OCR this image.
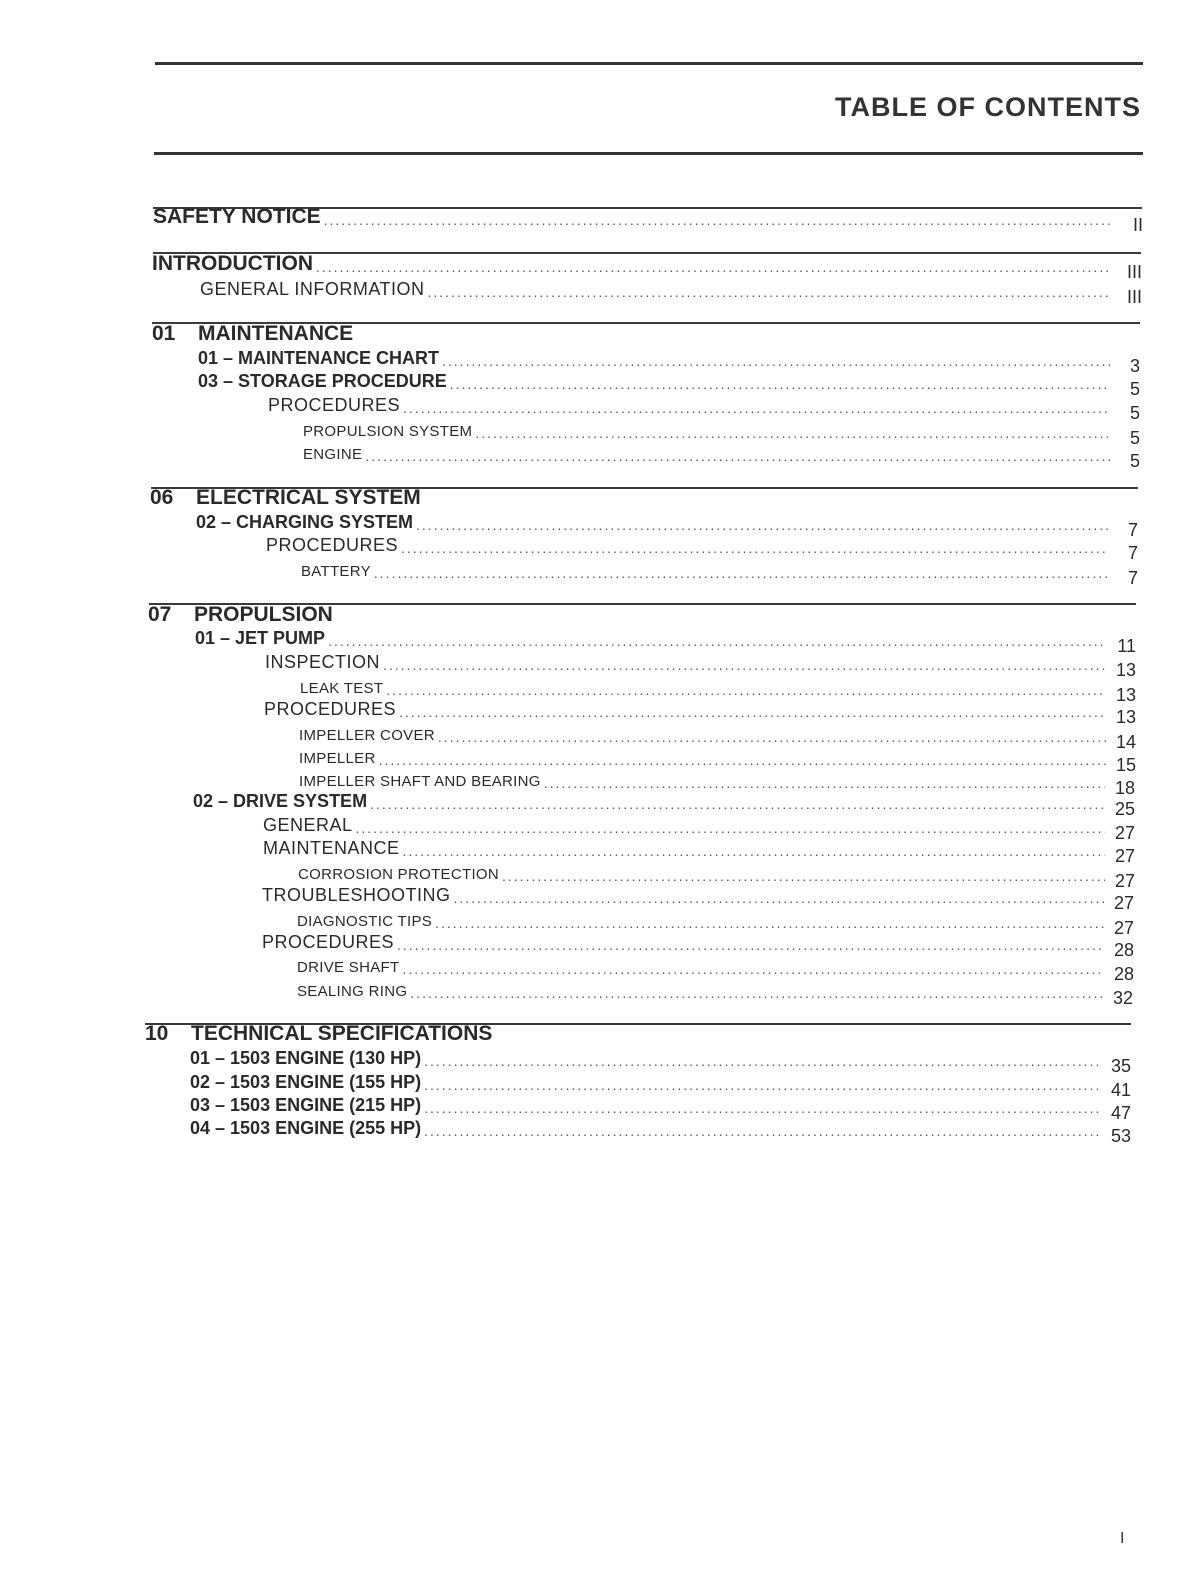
TABLE OF CONTENTS
SAFETY NOTICE .....	II
INTRODUCTION .....	III
GENERAL INFORMATION .....	III
01 MAINTENANCE
01 – MAINTENANCE CHART .....	3
03 – STORAGE PROCEDURE .....	5
PROCEDURES .....	5
PROPULSION SYSTEM .....	5
ENGINE .....	5
06 ELECTRICAL SYSTEM
02 – CHARGING SYSTEM .....	7
PROCEDURES .....	7
BATTERY .....	7
07 PROPULSION
01 – JET PUMP .....	11
INSPECTION .....	13
LEAK TEST .....	13
PROCEDURES .....	13
IMPELLER COVER .....	14
IMPELLER .....	15
IMPELLER SHAFT AND BEARING .....	18
02 – DRIVE SYSTEM .....	25
GENERAL .....	27
MAINTENANCE .....	27
CORROSION PROTECTION .....	27
TROUBLESHOOTING .....	27
DIAGNOSTIC TIPS .....	27
PROCEDURES .....	28
DRIVE SHAFT .....	28
SEALING RING .....	32
10 TECHNICAL SPECIFICATIONS
01 – 1503 ENGINE (130 HP) .....	35
02 – 1503 ENGINE (155 HP) .....	41
03 – 1503 ENGINE (215 HP) .....	47
04 – 1503 ENGINE (255 HP) .....	53
I
